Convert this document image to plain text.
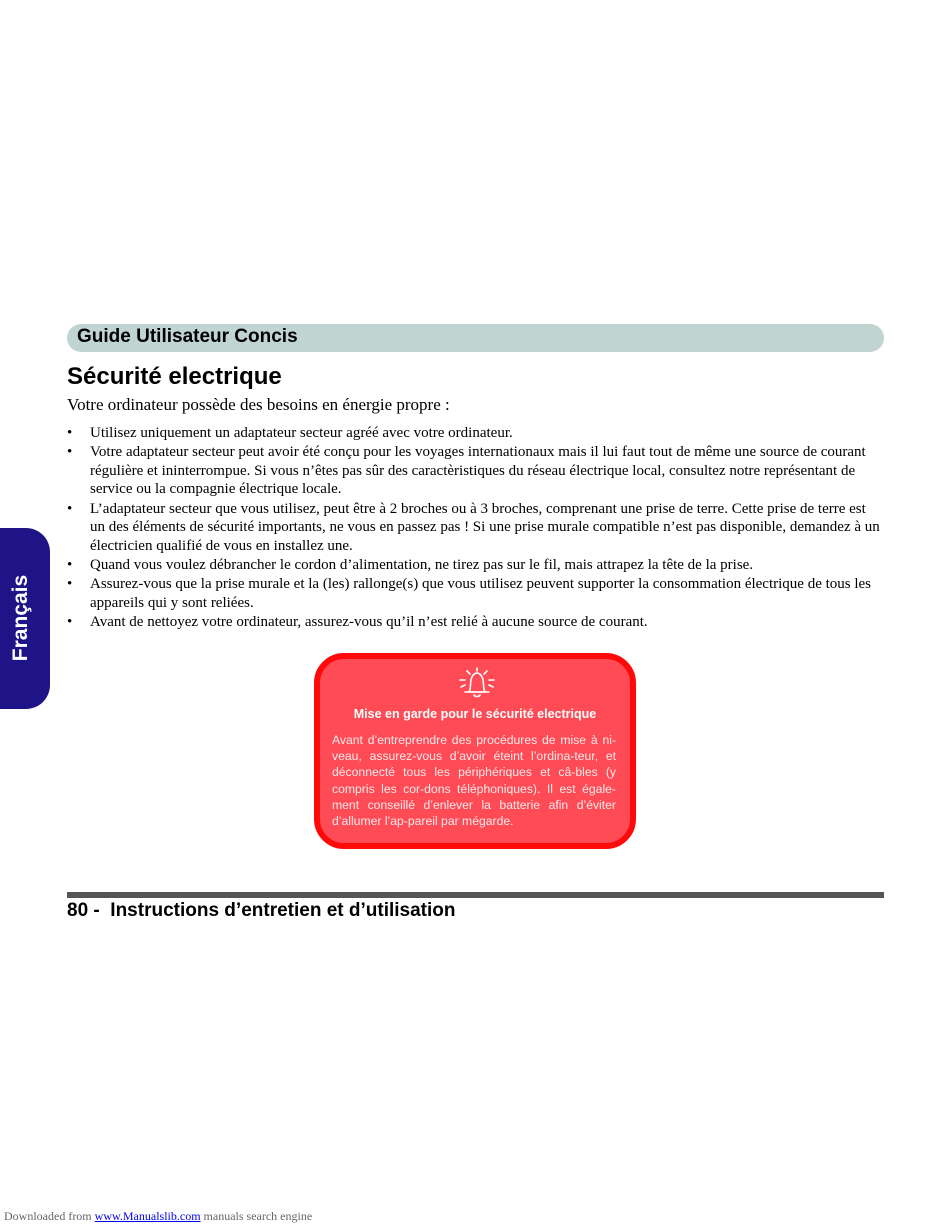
Guide Utilisateur Concis
Français
Sécurité electrique
Votre ordinateur possède des besoins en énergie propre :
• Utilisez uniquement un adaptateur secteur agréé avec votre ordinateur.
• Votre adaptateur secteur peut avoir été conçu pour les voyages internationaux mais il lui faut tout de même une source de courant régulière et ininterrompue. Si vous n’êtes pas sûr des caractèristiques du réseau électrique local, consultez notre représentant de service ou la compagnie électrique locale.
• L’adaptateur secteur que vous utilisez, peut être à 2 broches ou à 3 broches, comprenant une prise de terre. Cette prise de terre est un des éléments de sécurité importants, ne vous en passez pas ! Si une prise murale compatible n’est pas disponible, demandez à un électricien qualifié de vous en installez une.
• Quand vous voulez débrancher le cordon d’alimentation, ne tirez pas sur le fil, mais attrapez la tête de la prise.
• Assurez-vous que la prise murale et la (les) rallonge(s) que vous utilisez peuvent supporter la consommation électrique de tous les appareils qui y sont reliées.
• Avant de nettoyez votre ordinateur, assurez-vous qu’il n’est relié à aucune source de courant.
Mise en garde pour le sécurité electrique
Avant d’entreprendre des procédures de mise à ni-veau, assurez-vous d’avoir éteint l’ordina-teur, et déconnecté tous les périphériques et câ-bles (y compris les cor-dons téléphoniques). Il est égale-ment conseillé d’enlever la batterie afin d’éviter d’allumer l’ap-pareil par mégarde.
80 -  Instructions d’entretien et d’utilisation
Downloaded from www.Manualslib.com manuals search engine
